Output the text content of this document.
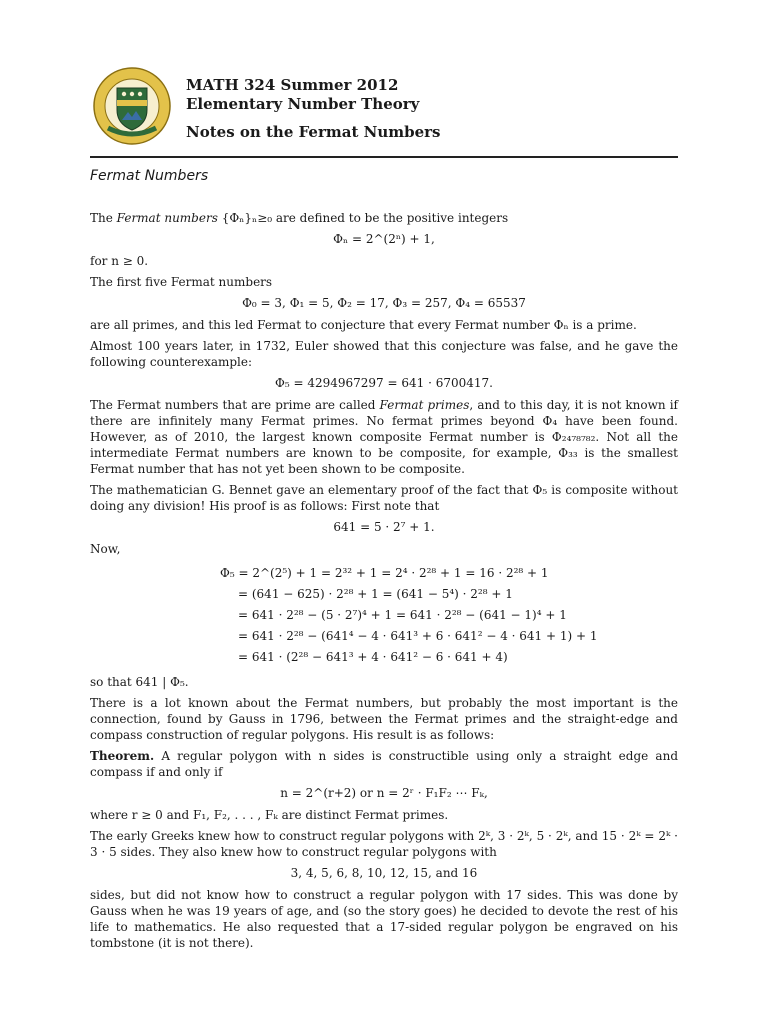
MATH 324 Summer 2012
Elementary Number Theory
Notes on the Fermat Numbers
Fermat Numbers

The Fermat numbers {Φₙ}ₙ≥₀ are defined to be the positive integers

Φₙ = 2^(2ⁿ) + 1,

for n ≥ 0.

The first five Fermat numbers

Φ₀ = 3, Φ₁ = 5, Φ₂ = 17, Φ₃ = 257, Φ₄ = 65537

are all primes, and this led Fermat to conjecture that every Fermat number Φₙ is a prime.

Almost 100 years later, in 1732, Euler showed that this conjecture was false, and he gave the following counterexample:

Φ₅ = 4294967297 = 641 · 6700417.

The Fermat numbers that are prime are called Fermat primes, and to this day, it is not known if there are infinitely many Fermat primes. No fermat primes beyond Φ₄ have been found. However, as of 2010, the largest known composite Fermat number is Φ₂₄₇₈₇₈₂. Not all the intermediate Fermat numbers are known to be composite, for example, Φ₃₃ is the smallest Fermat number that has not yet been shown to be composite.

The mathematician G. Bennet gave an elementary proof of the fact that Φ₅ is composite without doing any division! His proof is as follows: First note that

641 = 5 · 2⁷ + 1.

Now,

Φ₅ = 2^(2⁵) + 1 = 2³² + 1 = 2⁴ · 2²⁸ + 1 = 16 · 2²⁸ + 1
= (641 − 625) · 2²⁸ + 1 = (641 − 5⁴) · 2²⁸ + 1
= 641 · 2²⁸ − (5 · 2⁷)⁴ + 1 = 641 · 2²⁸ − (641 − 1)⁴ + 1
= 641 · 2²⁸ − (641⁴ − 4 · 641³ + 6 · 641² − 4 · 641 + 1) + 1
= 641 · (2²⁸ − 641³ + 4 · 641² − 6 · 641 + 4)

so that 641 | Φ₅.

There is a lot known about the Fermat numbers, but probably the most important is the connection, found by Gauss in 1796, between the Fermat primes and the straight-edge and compass construction of regular polygons. His result is as follows:

Theorem. A regular polygon with n sides is constructible using only a straight edge and compass if and only if

n = 2^(r+2) or n = 2ʳ · F₁F₂ ⋯ Fₖ,

where r ≥ 0 and F₁, F₂, . . . , Fₖ are distinct Fermat primes.

The early Greeks knew how to construct regular polygons with 2ᵏ, 3 · 2ᵏ, 5 · 2ᵏ, and 15 · 2ᵏ = 2ᵏ · 3 · 5 sides. They also knew how to construct regular polygons with

3, 4, 5, 6, 8, 10, 12, 15, and 16

sides, but did not know how to construct a regular polygon with 17 sides. This was done by Gauss when he was 19 years of age, and (so the story goes) he decided to devote the rest of his life to mathematics. He also requested that a 17-sided regular polygon be engraved on his tombstone (it is not there).
